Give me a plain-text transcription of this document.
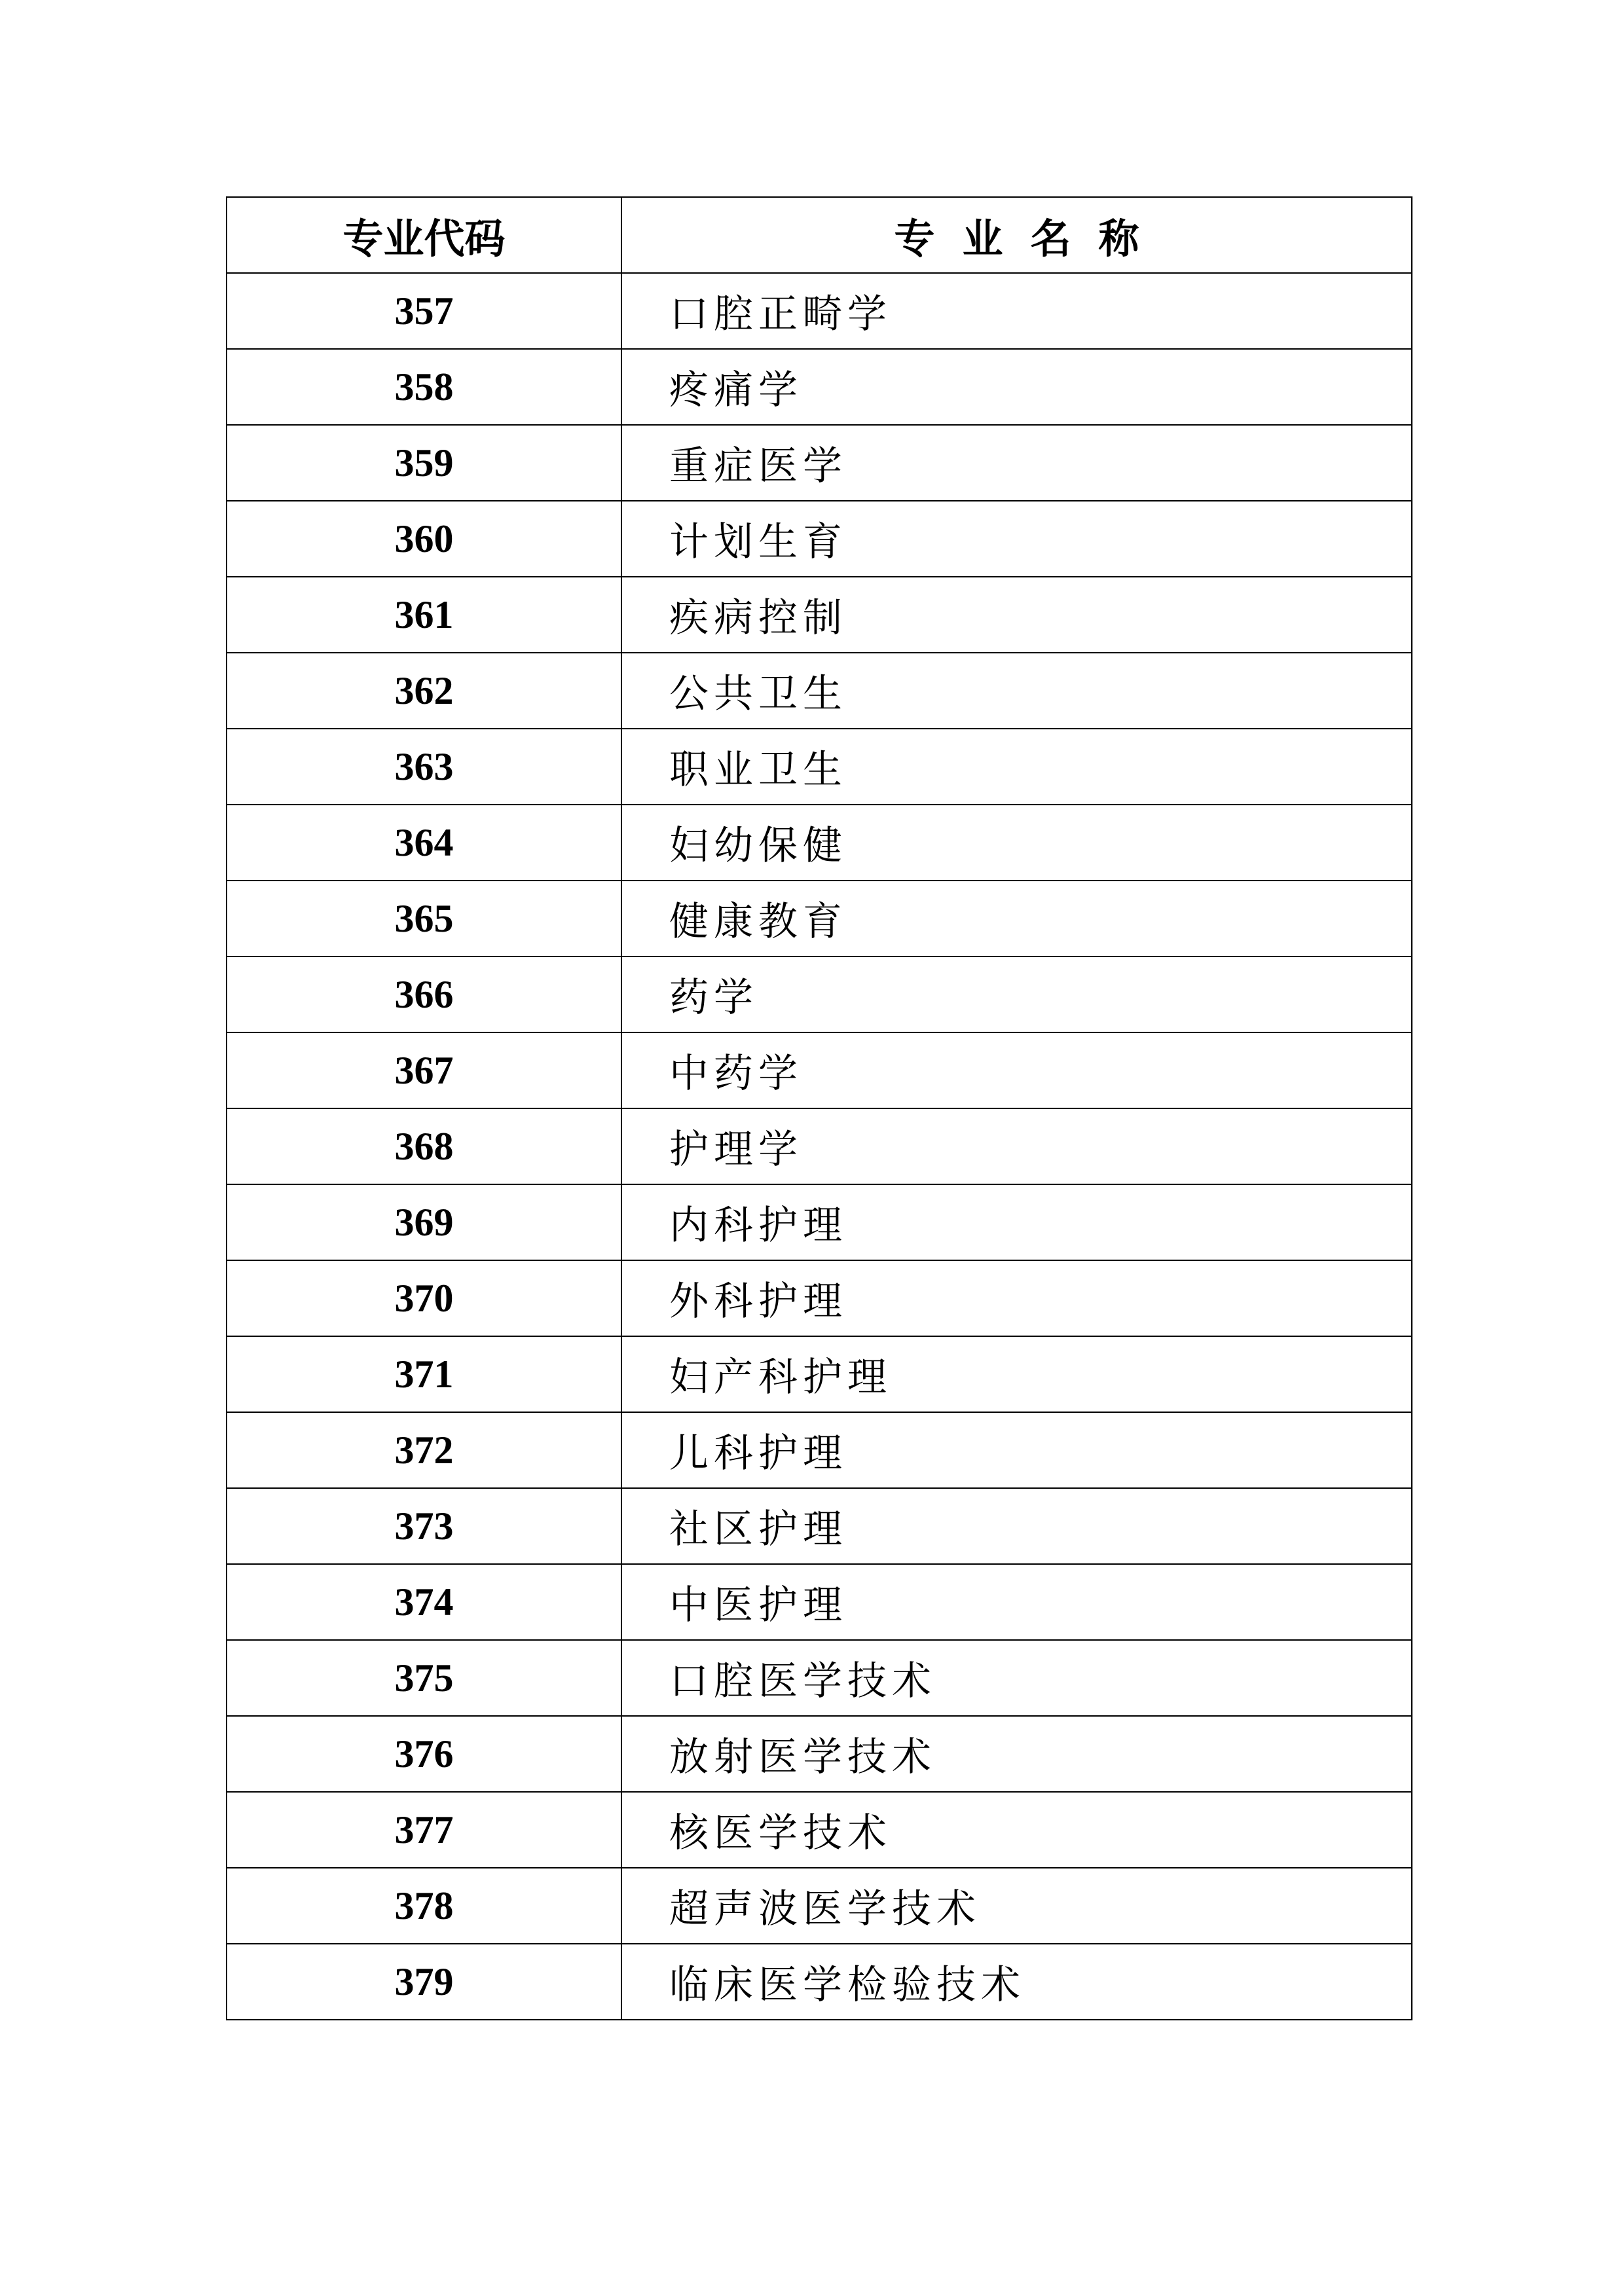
专业代码	专业名称
357	口腔正畸学
358	疼痛学
359	重症医学
360	计划生育
361	疾病控制
362	公共卫生
363	职业卫生
364	妇幼保健
365	健康教育
366	药学
367	中药学
368	护理学
369	内科护理
370	外科护理
371	妇产科护理
372	儿科护理
373	社区护理
374	中医护理
375	口腔医学技术
376	放射医学技术
377	核医学技术
378	超声波医学技术
379	临床医学检验技术
